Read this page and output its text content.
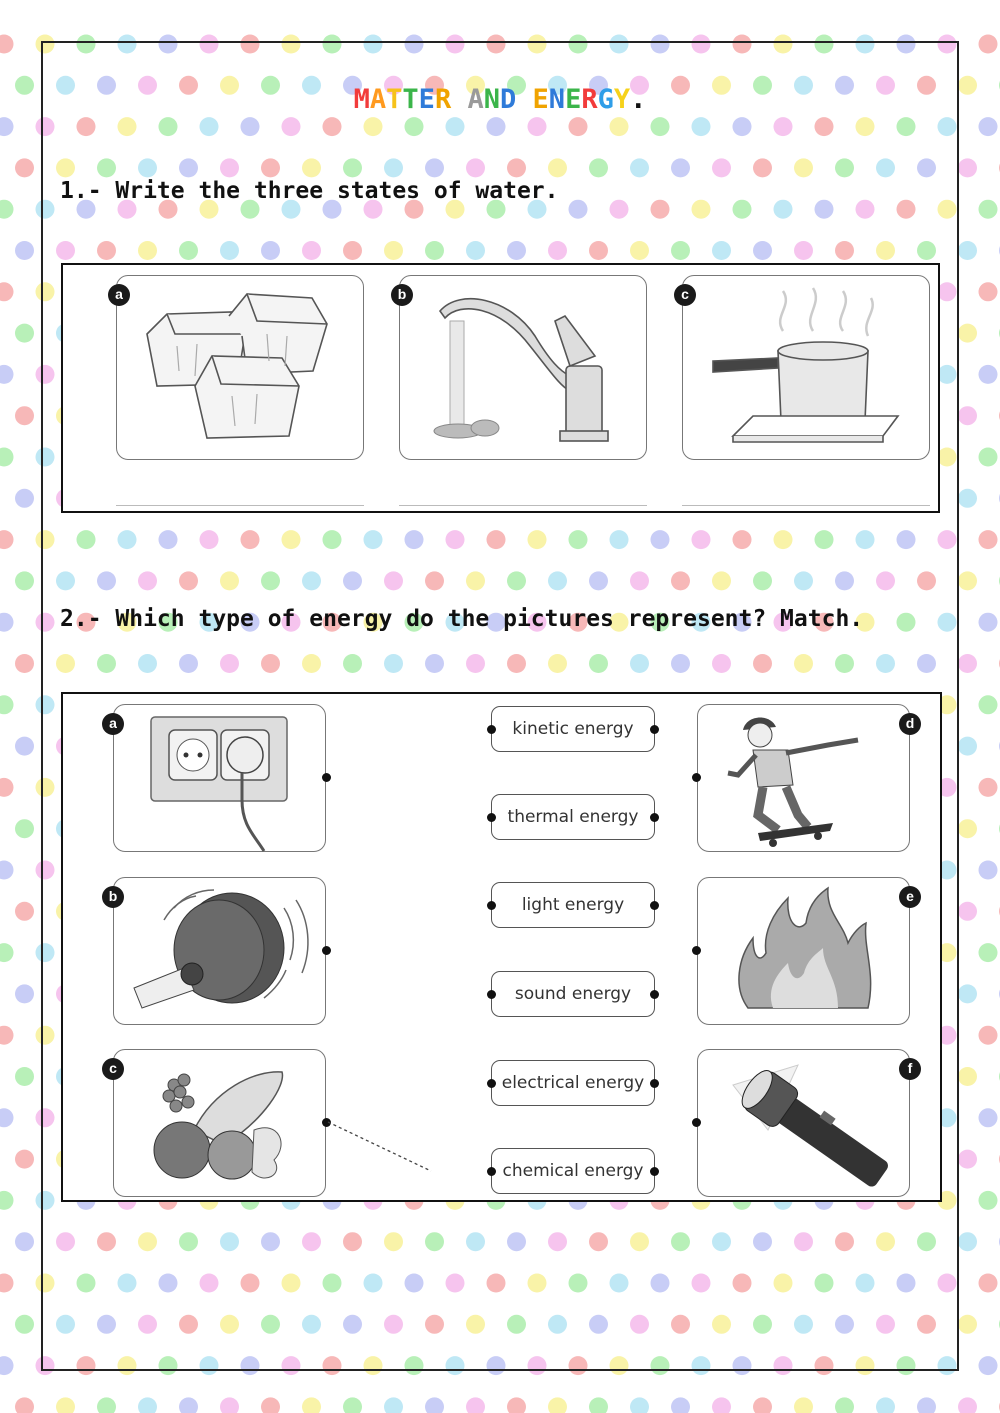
MATTER AND ENERGY.
1.- Write the three states of water.
a	b	c
2.- Which type of energy do the pictures represent? Match.
a
b
c
d
e
f
kinetic energy
thermal energy
light energy
sound energy
electrical energy
chemical energy
